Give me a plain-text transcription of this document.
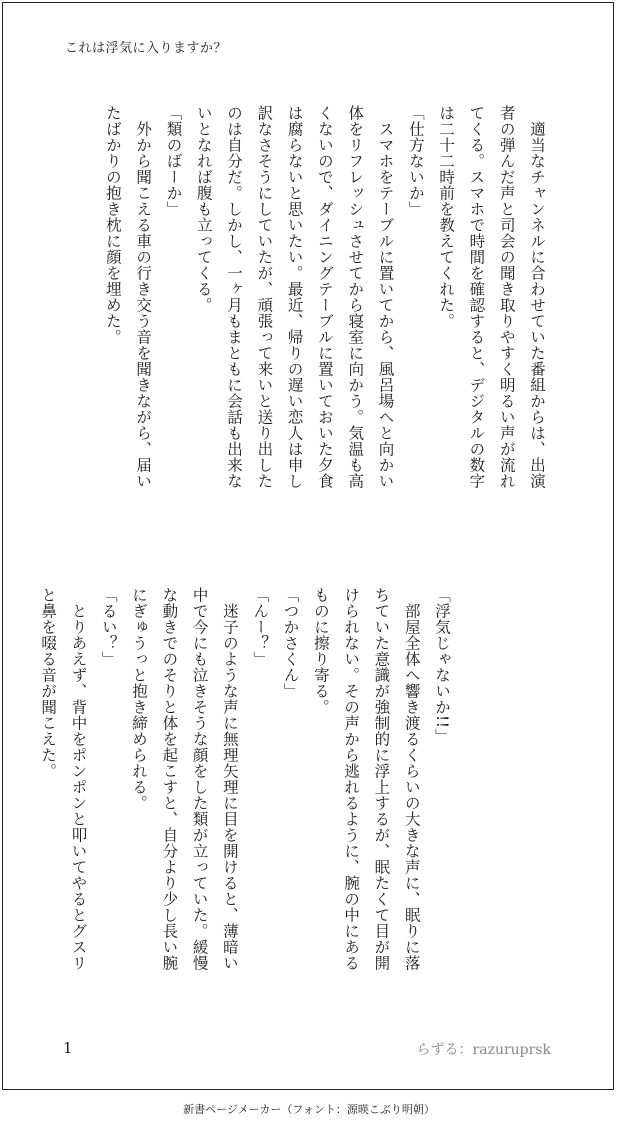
これは浮気に入りますか？

　適当なチャンネルに合わせていた番組からは、出演

者の弾んだ声と司会の聞き取りやすく明るい声が流れ

てくる。スマホで時間を確認すると、デジタルの数字

は二十二時前を教えてくれた。

「仕方ないか」

　スマホをテーブルに置いてから、風呂場へと向かい

体をリフレッシュさせてから寝室に向かう。気温も高

くないので、ダイニングテーブルに置いておいた夕食

は腐らないと思いたい。最近、帰りの遅い恋人は申し

訳なさそうにしていたが、頑張って来いと送り出した

のは自分だ。しかし、一ヶ月もまともに会話も出来な

いとなれば腹も立ってくる。

「類のばーか」

　外から聞こえる車の行き交う音を聞きながら、届い

たばかりの抱き枕に顔を埋めた。

「浮気じゃないか!!」

　部屋全体へ響き渡るくらいの大きな声に、眠りに落

ちていた意識が強制的に浮上するが、眠たくて目が開

けられない。その声から逃れるように、腕の中にある

ものに擦り寄る。

「つかさくん」

「んー？」

　迷子のような声に無理矢理に目を開けると、薄暗い

中で今にも泣きそうな顔をした類が立っていた。緩慢

な動きでのそりと体を起こすと、自分より少し長い腕

にぎゅうっと抱き締められる。

「るい？」

　とりあえず、背中をポンポンと叩いてやるとグスリ

と鼻を啜る音が聞こえた。

1	らずる：razuruprsk
新書ページメーカー（フォント：源暎こぶり明朝）
